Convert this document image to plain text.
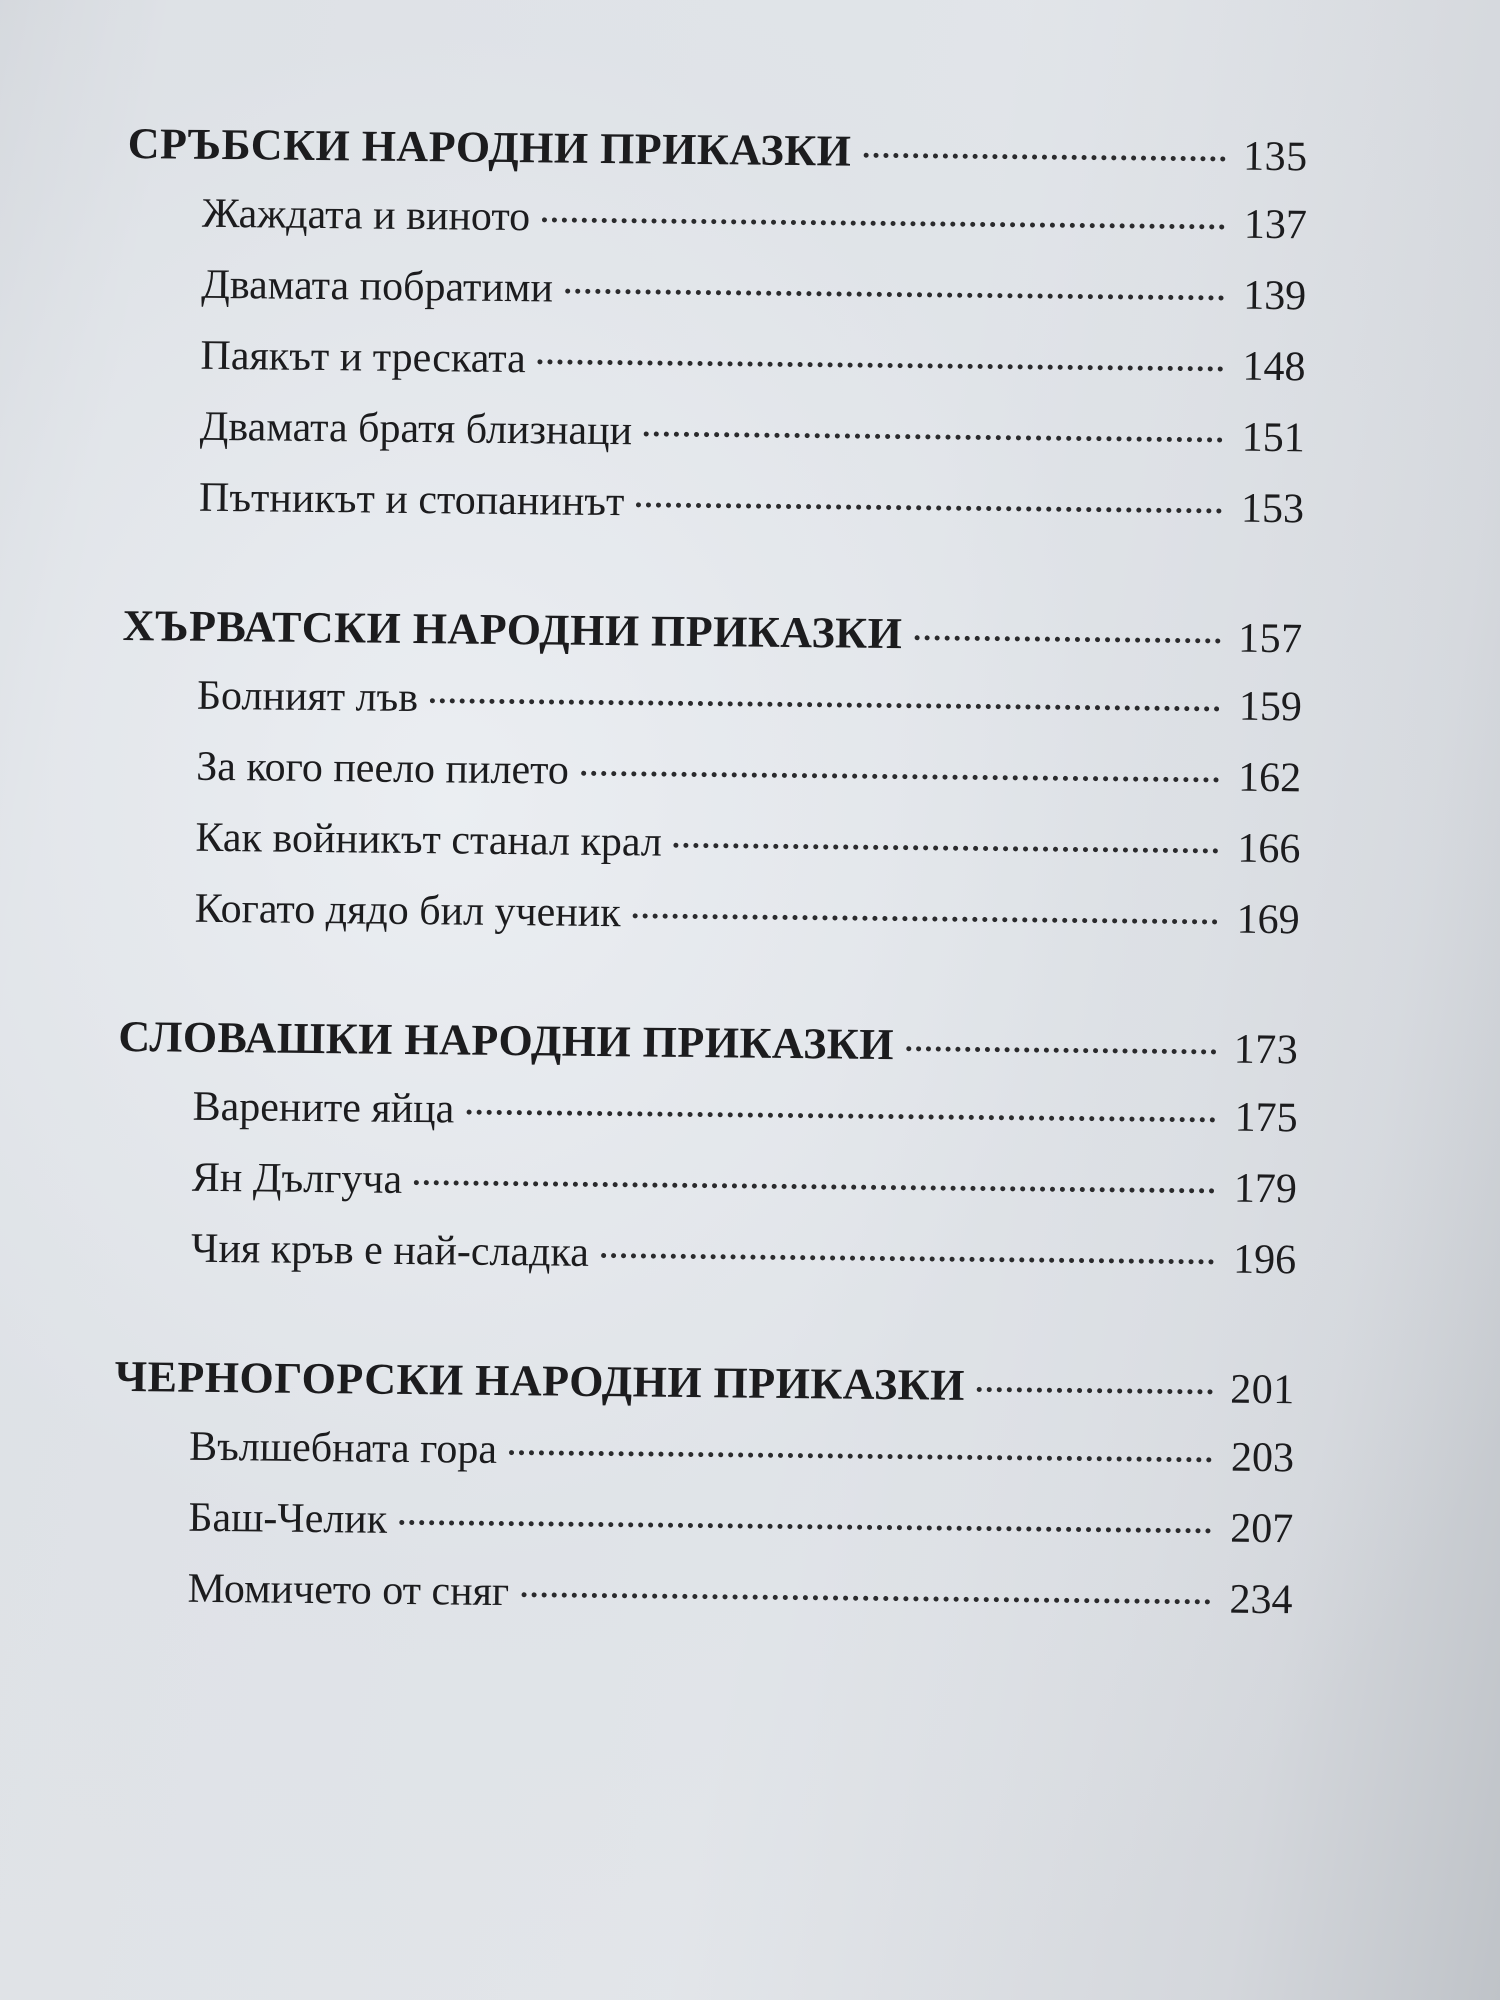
СРЪБСКИ НАРОДНИ ПРИКАЗКИ	135
Жаждата и виното	137
Двамата побратими	139
Паякът и треската	148
Двамата братя близнаци	151
Пътникът и стопанинът	153
ХЪРВАТСКИ НАРОДНИ ПРИКАЗКИ	157
Болният лъв	159
За кого пеело пилето	162
Как войникът станал крал	166
Когато дядо бил ученик	169
СЛОВАШКИ НАРОДНИ ПРИКАЗКИ	173
Варените яйца	175
Ян Дългуча	179
Чия кръв е най-сладка	196
ЧЕРНОГОРСКИ НАРОДНИ ПРИКАЗКИ	201
Вълшебната гора	203
Баш-Челик	207
Момичето от сняг	234
